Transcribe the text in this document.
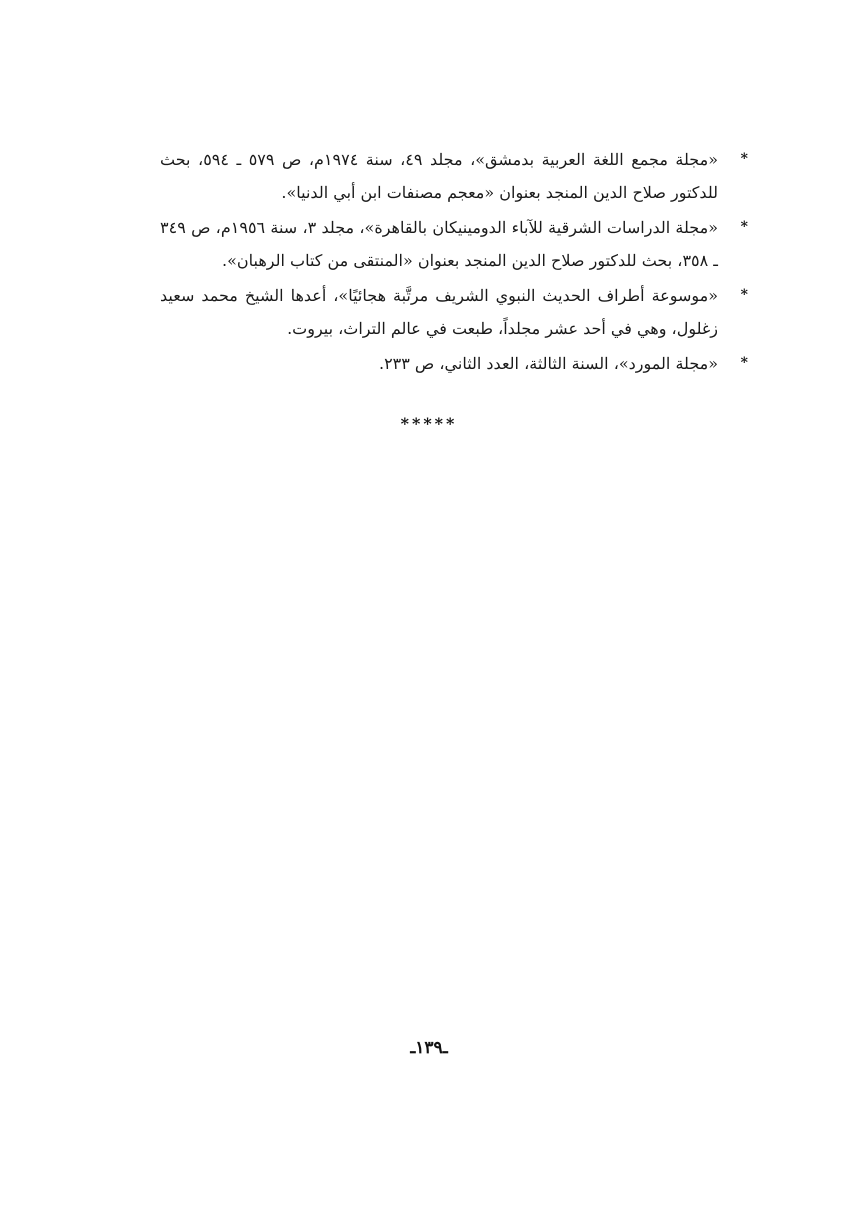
*
«مجلة مجمع اللغة العربية بدمشق»، مجلد ٤٩، سنة ١٩٧٤م، ص ٥٧٩ ـ ٥٩٤، بحث للدكتور صلاح الدين المنجد بعنوان «معجم مصنفات ابن أبي الدنيا».

*
«مجلة الدراسات الشرقية للآباء الدومينيكان بالقاهرة»، مجلد ٣، سنة ١٩٥٦م، ص ٣٤٩ ـ ٣٥٨، بحث للدكتور صلاح الدين المنجد بعنوان «المنتقى من كتاب الرهبان».

*
«موسوعة أطراف الحديث النبوي الشريف مرتَّبة هجائيًا»، أعدها الشيخ محمد سعيد زغلول، وهي في أحد عشر مجلداً، طبعت في عالم التراث، بيروت.

*
«مجلة المورد»، السنة الثالثة، العدد الثاني، ص ٢٣٣.

*****
ـ١٣٩ـ
